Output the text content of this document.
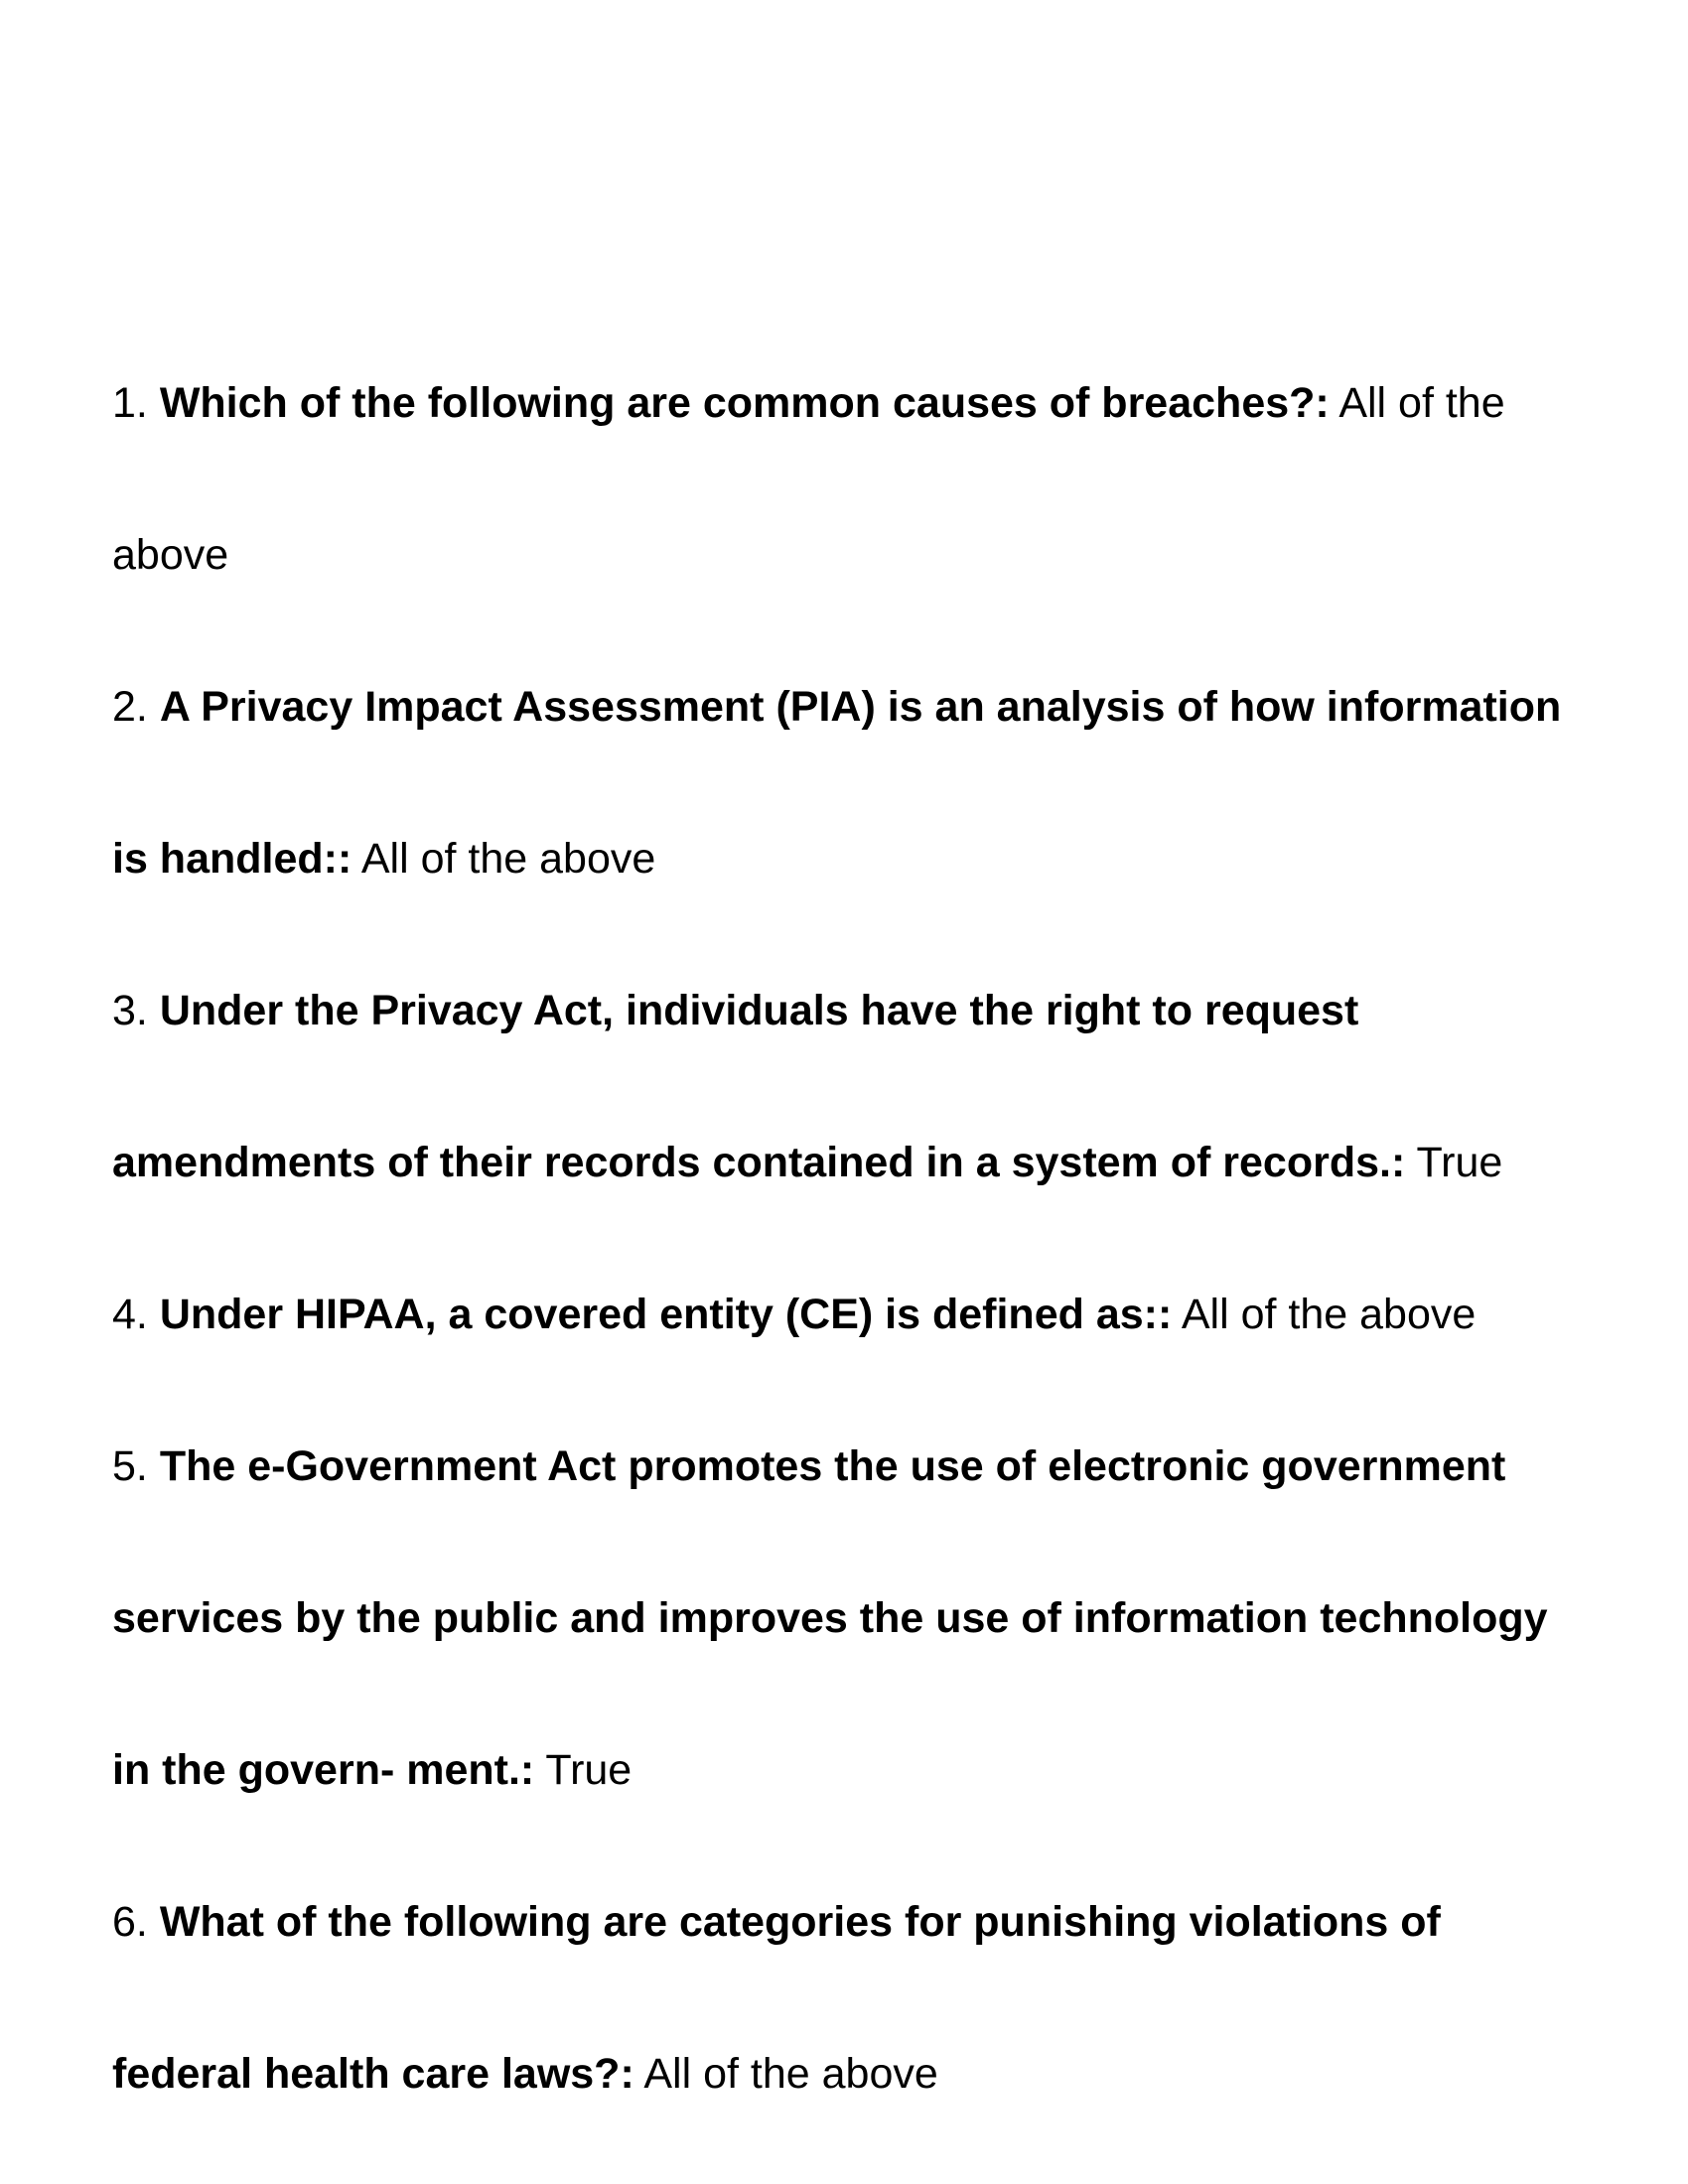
1. Which of the following are common causes of breaches?: All of the above

2. A Privacy Impact Assessment (PIA) is an analysis of how information is handled:: All of the above

3. Under the Privacy Act, individuals have the right to request amendments of their records contained in a system of records.: True

4. Under HIPAA, a covered entity (CE) is defined as:: All of the above

5. The e-Government Act promotes the use of electronic government services by the public and improves the use of information technology in the govern- ment.: True

6. What of the following are categories for punishing violations of federal health care laws?: All of the above
